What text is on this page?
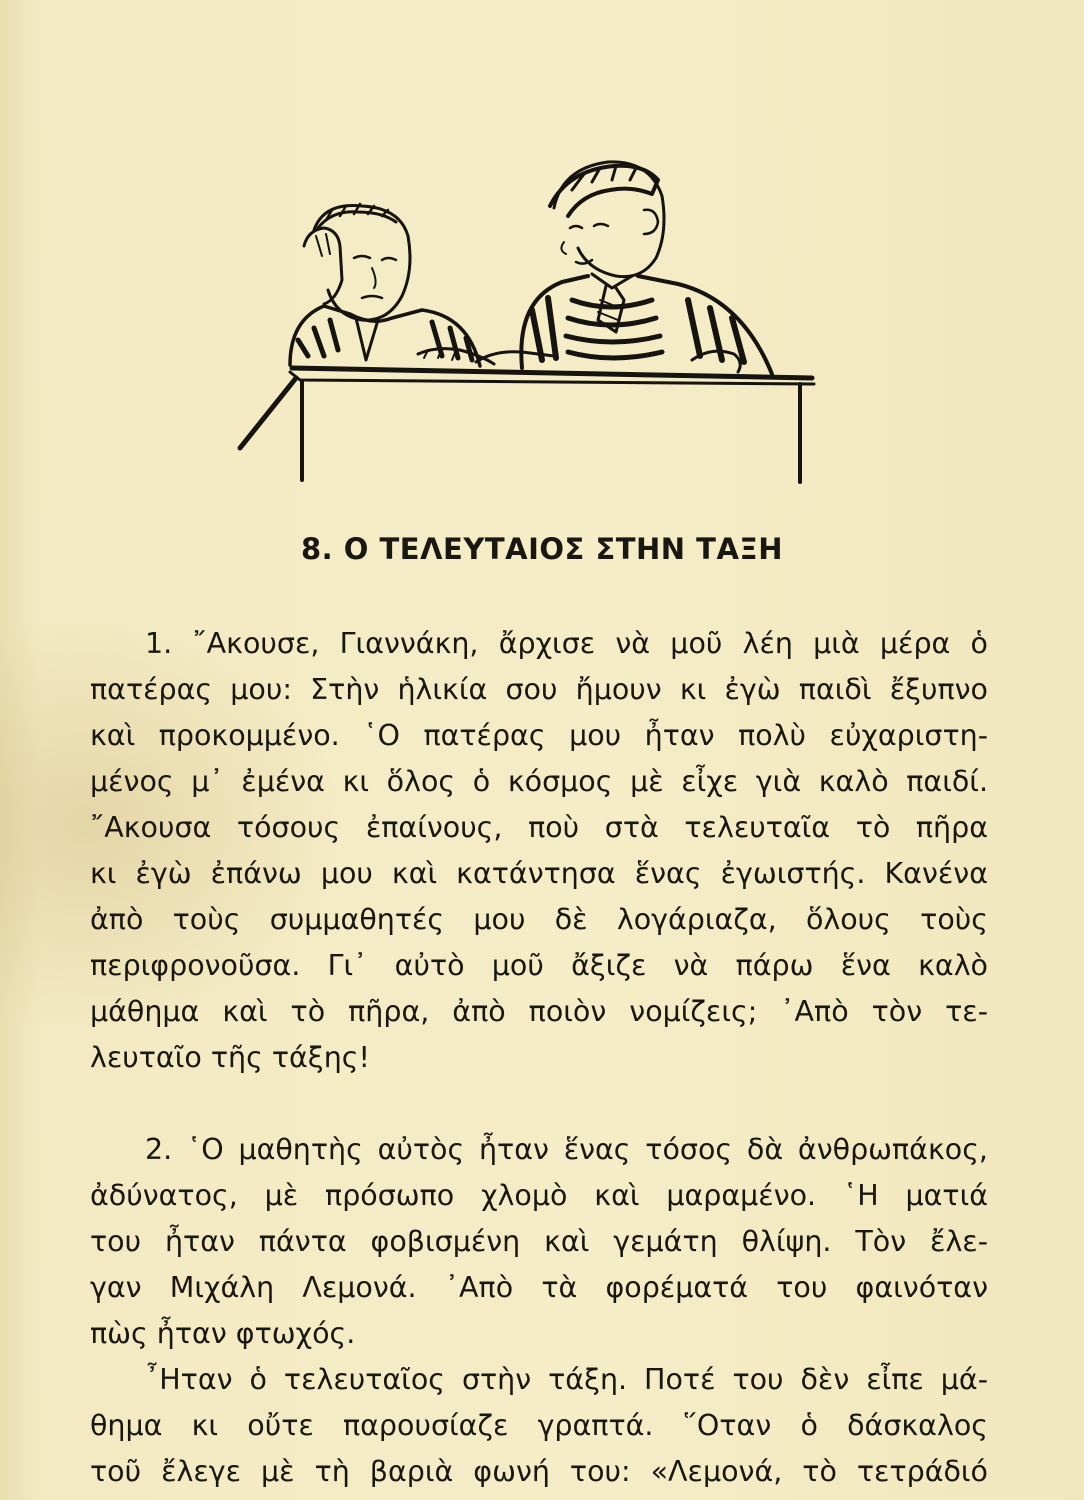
8. Ο ΤΕΛΕΥΤΑΙΟΣ ΣΤΗΝ ΤΑΞΗ
1. ῎Ακουσε, Γιαννάκη, ἄρχισε νὰ μοῦ λέη μιὰ μέρα ὁ
πατέρας μου: Στὴν ἡλικία σου ἤμουν κι ἐγὼ παιδὶ ἔξυπνο
καὶ προκομμένο. ῾Ο πατέρας μου ἦταν πολὺ εὐχαριστη-
μένος μ᾿ ἐμένα κι ὅλος ὁ κόσμος μὲ εἶχε γιὰ καλὸ παιδί.
῎Ακουσα τόσους ἐπαίνους, ποὺ στὰ τελευταῖα τὸ πῆρα
κι ἐγὼ ἐπάνω μου καὶ κατάντησα ἕνας ἐγωιστής. Κανένα
ἀπὸ τοὺς συμμαθητές μου δὲ λογάριαζα, ὅλους τοὺς
περιφρονοῦσα. Γι᾿ αὐτὸ μοῦ ἄξιζε νὰ πάρω ἕνα καλὸ
μάθημα καὶ τὸ πῆρα, ἀπὸ ποιὸν νομίζεις; ᾿Απὸ τὸν τε-
λευταῖο τῆς τάξης!
2. ῾Ο μαθητὴς αὐτὸς ἦταν ἕνας τόσος δὰ ἀνθρωπάκος,
ἀδύνατος, μὲ πρόσωπο χλομὸ καὶ μαραμένο. ῾Η ματιά
του ἦταν πάντα φοβισμένη καὶ γεμάτη θλίψη. Τὸν ἔλε-
γαν Μιχάλη Λεμονά. ᾿Απὸ τὰ φορέματά του φαινόταν
πὼς ἦταν φτωχός.
῏Ηταν ὁ τελευταῖος στὴν τάξη. Ποτέ του δὲν εἶπε μά-
θημα κι οὔτε παρουσίαζε γραπτά. ῞Οταν ὁ δάσκαλος
τοῦ ἔλεγε μὲ τὴ βαριὰ φωνή του: «Λεμονά, τὸ τετράδιό
